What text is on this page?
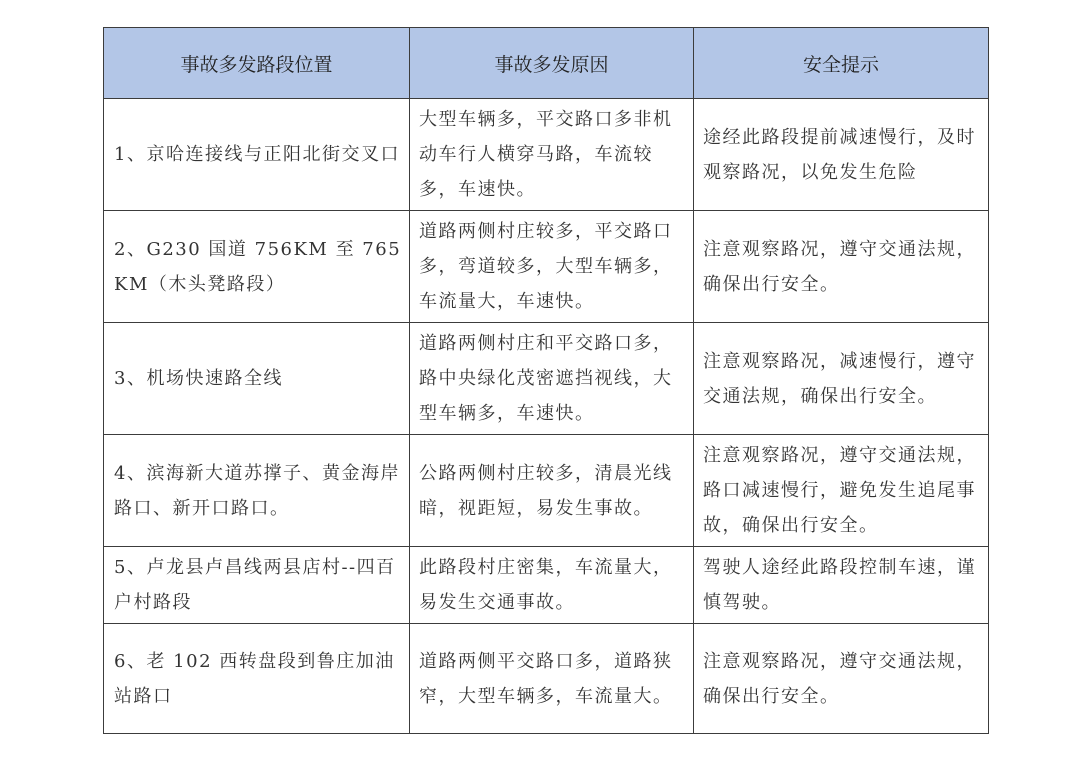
事故多发路段位置	事故多发原因	安全提示
1、京哈连接线与正阳北街交叉口	大型车辆多，平交路口多非机动车行人横穿马路，车流较多，车速快。	途经此路段提前减速慢行，及时观察路况，以免发生危险
2、G230 国道 756KM 至 765KM（木头凳路段）	道路两侧村庄较多，平交路口多，弯道较多，大型车辆多，车流量大，车速快。	注意观察路况，遵守交通法规，确保出行安全。
3、机场快速路全线	道路两侧村庄和平交路口多，路中央绿化茂密遮挡视线，大型车辆多，车速快。	注意观察路况，减速慢行，遵守交通法规，确保出行安全。
4、滨海新大道苏撑子、黄金海岸路口、新开口路口。	公路两侧村庄较多，清晨光线暗，视距短，易发生事故。	注意观察路况，遵守交通法规，路口减速慢行，避免发生追尾事故，确保出行安全。
5、卢龙县卢昌线两县店村--四百户村路段	此路段村庄密集，车流量大，易发生交通事故。	驾驶人途经此路段控制车速，谨慎驾驶。
6、老 102 西转盘段到鲁庄加油站路口	道路两侧平交路口多，道路狭窄，大型车辆多，车流量大。	注意观察路况，遵守交通法规，确保出行安全。
